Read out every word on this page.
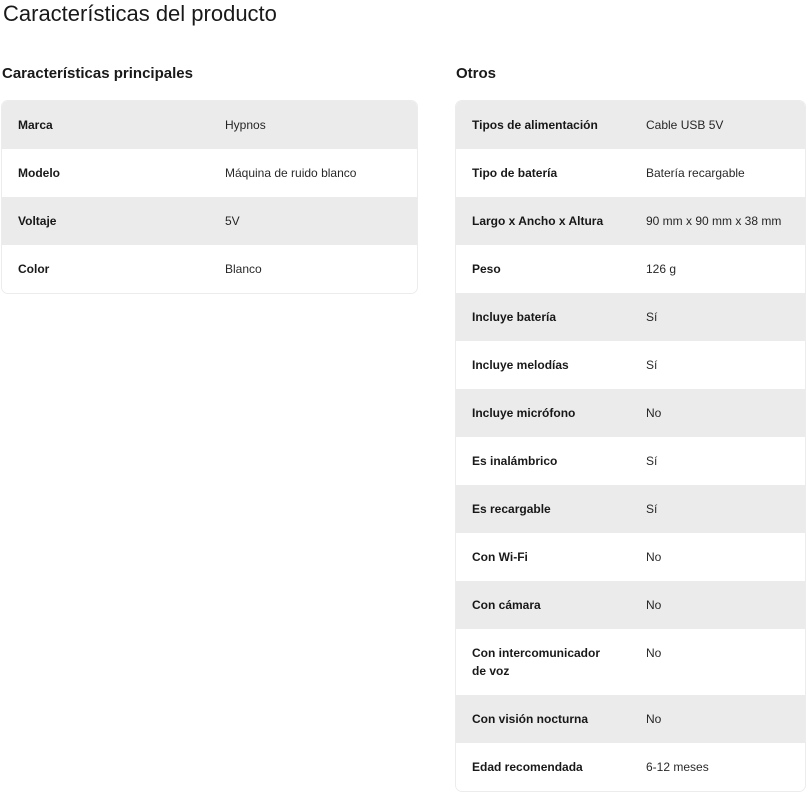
Características del producto
Características principales
Marca	Hypnos
Modelo	Máquina de ruido blanco
Voltaje	5V
Color	Blanco
Otros
Tipos de alimentación	Cable USB 5V
Tipo de batería	Batería recargable
Largo x Ancho x Altura	90 mm x 90 mm x 38 mm
Peso	126 g
Incluye batería	Sí
Incluye melodías	Sí
Incluye micrófono	No
Es inalámbrico	Sí
Es recargable	Sí
Con Wi-Fi	No
Con cámara	No
Con intercomunicador de voz	No
Con visión nocturna	No
Edad recomendada	6-12 meses
